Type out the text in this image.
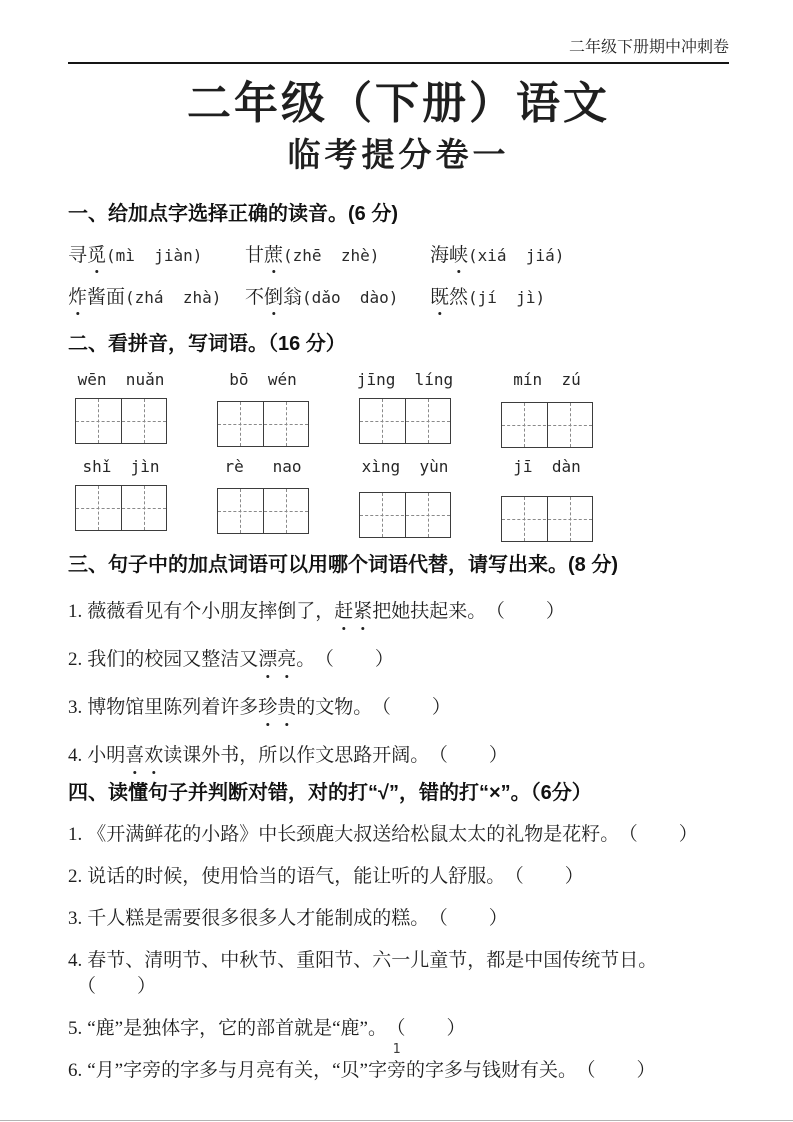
二年级下册期中冲刺卷
二年级（下册）语文
临考提分卷一
一、给加点字选择正确的读音。(6 分)
寻觅(mì  jiàn)	甘蔗(zhē  zhè)	海峡(xiá  jiá)
炸酱面(zhá  zhà)	不倒翁(dǎo  dào)	既然(jí  jì)
二、看拼音，写词语。（16 分）
wēn  nuǎn	bō  wén	jīng  líng	mín  zú
shǐ  jìn	rè   nao	xìng  yùn	jī  dàn
三、句子中的加点词语可以用哪个词语代替，请写出来。(8 分)
1. 薇薇看见有个小朋友摔倒了，赶紧把她扶起来。 （　　）
2. 我们的校园又整洁又漂亮。 （　　）
3. 博物馆里陈列着许多珍贵的文物。 （　　）
4. 小明喜欢读课外书，所以作文思路开阔。 （　　）
四、读懂句子并判断对错，对的打“√”，错的打“×”。（6分）
1. 《开满鲜花的小路》中长颈鹿大叔送给松鼠太太的礼物是花籽。 （　　）
2. 说话的时候，使用恰当的语气，能让听的人舒服。 （　　）
3. 千人糕是需要很多很多人才能制成的糕。 （　　）
4. 春节、清明节、中秋节、重阳节、六一儿童节，都是中国传统节日。（　　）
5. “鹿”是独体字，它的部首就是“鹿”。 （　　）
6. “月”字旁的字多与月亮有关，“贝”字旁的字多与钱财有关。 （　　）
1
